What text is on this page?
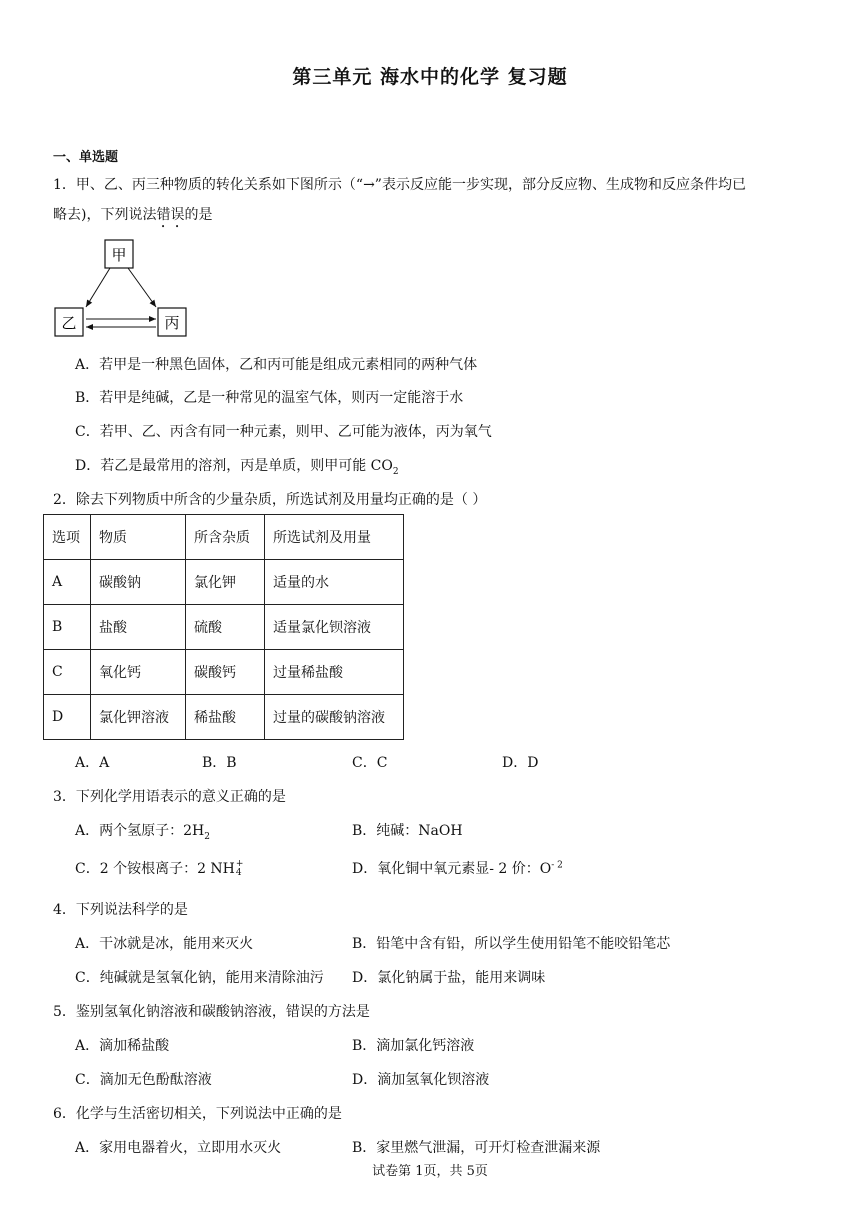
第三单元 海水中的化学 复习题
一、单选题
1．甲、乙、丙三种物质的转化关系如下图所示（“→”表示反应能一步实现，部分反应物、生成物和反应条件均已
略去)，下列说法错误的是
甲
乙	丙
A．若甲是一种黑色固体，乙和丙可能是组成元素相同的两种气体
B．若甲是纯碱，乙是一种常见的温室气体，则丙一定能溶于水
C．若甲、乙、丙含有同一种元素，则甲、乙可能为液体，丙为氧气
D．若乙是最常用的溶剂，丙是单质，则甲可能 $CO_2$
2．除去下列物质中所含的少量杂质，所选试剂及用量均正确的是（ ）
选项	物质	所含杂质	所选试剂及用量
A	碳酸钠	氯化钾	适量的水
B	盐酸	硫酸	适量氯化钡溶液
C	氧化钙	碳酸钙	过量稀盐酸
D	氯化钾溶液	稀盐酸	过量的碳酸钠溶液
A．A	B．B	C．C	D．D
3．下列化学用语表示的意义正确的是
A．两个氢原子：$2H_2$	B．纯碱：NaOH
C．2 个铵根离子：2 NH +
4	D．氧化铜中氧元素显- 2 价：$O^{- 2}$
4．下列说法科学的是
A．干冰就是冰，能用来灭火	B．铅笔中含有铅，所以学生使用铅笔不能咬铅笔芯
C．纯碱就是氢氧化钠，能用来清除油污 D．氯化钠属于盐，能用来调味
5．鉴别氢氧化钠溶液和碳酸钠溶液，错误的方法是
A．滴加稀盐酸	B．滴加氯化钙溶液
C．滴加无色酚酞溶液	D．滴加氢氧化钡溶液
6．化学与生活密切相关，下列说法中正确的是
A．家用电器着火，立即用水灭火	B．家里燃气泄漏，可开灯检查泄漏来源
试卷第 1页，共 5页
